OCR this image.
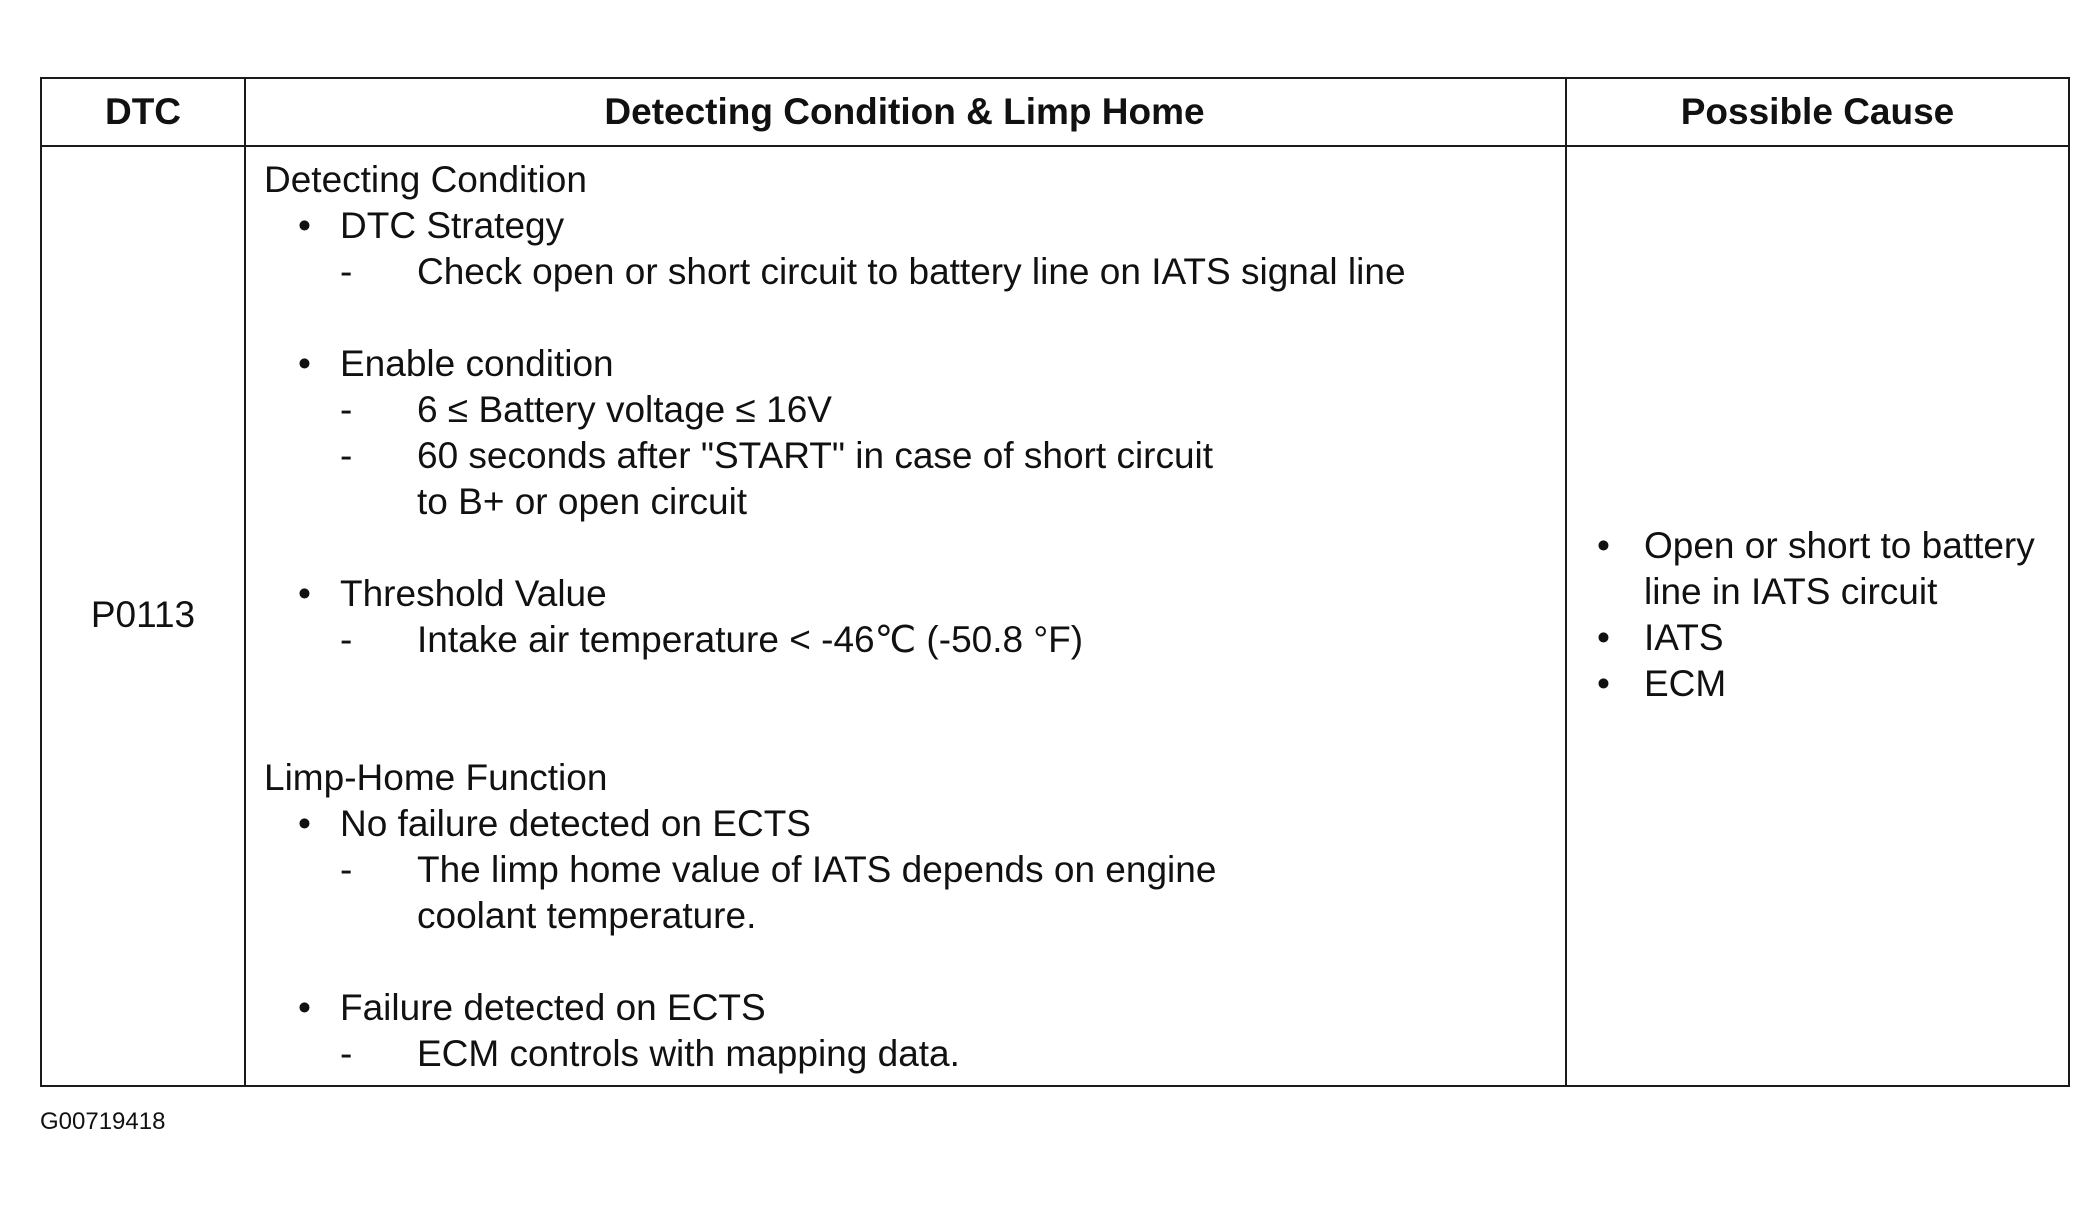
DTC	Detecting Condition & Limp Home	Possible Cause
P0113
• Open or short to battery line in IATS circuit
• IATS
• ECM
Detecting Condition
• DTC Strategy
- Check open or short circuit to battery line on IATS signal line
• Enable condition
- 6 ≤ Battery voltage ≤ 16V
- 60 seconds after "START" in case of short circuit to B+ or open circuit
• Threshold Value
- Intake air temperature < -46℃ (-50.8 °F)
Limp-Home Function
• No failure detected on ECTS
- The limp home value of IATS depends on engine coolant temperature.
• Failure detected on ECTS
- ECM controls with mapping data.
G00719418
